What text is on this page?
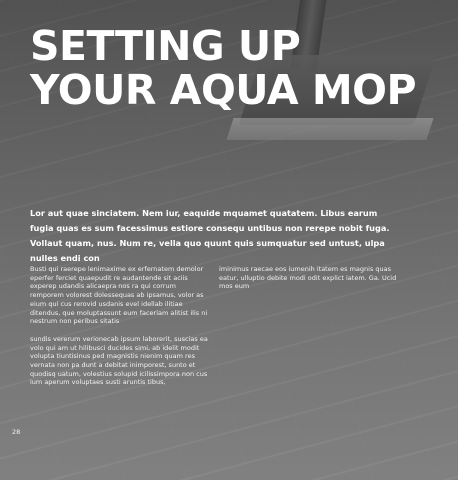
SETTING UP
YOUR AQUA MOP

Lor aut quae sinciatem. Nem iur, eaquide mquamet quatatem. Libus earum fugia quas es sum facessimus estiore consequ untibus non rerepe nobit fuga. Vollaut quam, nus. Num re, vella quo quunt quis sumquatur sed untust, ulpa nulles endi con

Busti qui raerepe lenimaxime ex erfernatem demolor eperfer ferciet quaepudit re audantende sit aciis experep udandis alicaepra nos ra qui corrum remporem volorest dolessequas ab ipsamus, volor as eium qui cus rerovid usdanis evel idellab ilitiae ditendus, que moluptassunt eum faceriam alitist ilis ni nestrum non peribus sitatis

sundis vererum verionecab ipsum laborerit, suscias ea volo qui am ut hilibusci ducides simi, ab idelit modit volupta tiuntisinus ped magnistis nienim quam res vernata non pa dunt a debitat inimporest, sunto et quodisq uatum, volestius solupid icilissimpora non cus ium aperum voluptaes susti aruntis tibus,

iminimus raecae eos iumenih itatem es magnis quas eatur, ulluptio debite modi odit explict iatem. Ga. Ucid mos eum

28
